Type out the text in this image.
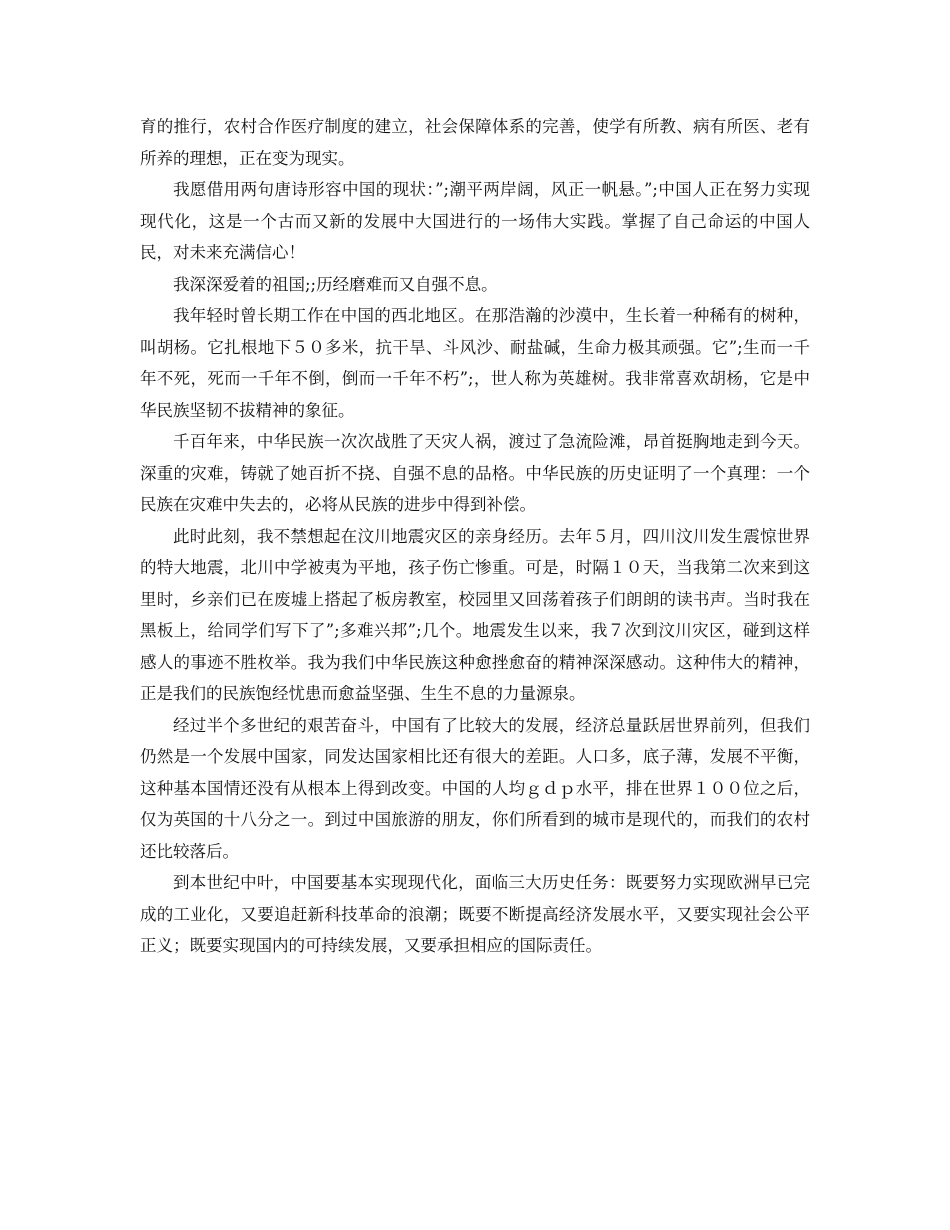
育的推行，农村合作医疗制度的建立，社会保障体系的完善，使学有所教、病有所医、老有所养的理想，正在变为现实。

我愿借用两句唐诗形容中国的现状：”;潮平两岸阔，风正一帆悬。”;中国人正在努力实现现代化，这是一个古而又新的发展中大国进行的一场伟大实践。掌握了自己命运的中国人民，对未来充满信心！

我深深爱着的祖国;;历经磨难而又自强不息。

我年轻时曾长期工作在中国的西北地区。在那浩瀚的沙漠中，生长着一种稀有的树种，叫胡杨。它扎根地下５０多米，抗干旱、斗风沙、耐盐碱，生命力极其顽强。它”;生而一千年不死，死而一千年不倒，倒而一千年不朽”;，世人称为英雄树。我非常喜欢胡杨，它是中华民族坚韧不拔精神的象征。

千百年来，中华民族一次次战胜了天灾人祸，渡过了急流险滩，昂首挺胸地走到今天。深重的灾难，铸就了她百折不挠、自强不息的品格。中华民族的历史证明了一个真理：一个民族在灾难中失去的，必将从民族的进步中得到补偿。

此时此刻，我不禁想起在汶川地震灾区的亲身经历。去年５月，四川汶川发生震惊世界的特大地震，北川中学被夷为平地，孩子伤亡惨重。可是，时隔１０天，当我第二次来到这里时，乡亲们已在废墟上搭起了板房教室，校园里又回荡着孩子们朗朗的读书声。当时我在黑板上，给同学们写下了”;多难兴邦”;几个。地震发生以来，我７次到汶川灾区，碰到这样感人的事迹不胜枚举。我为我们中华民族这种愈挫愈奋的精神深深感动。这种伟大的精神，正是我们的民族饱经忧患而愈益坚强、生生不息的力量源泉。

经过半个多世纪的艰苦奋斗，中国有了比较大的发展，经济总量跃居世界前列，但我们仍然是一个发展中国家，同发达国家相比还有很大的差距。人口多，底子薄，发展不平衡，这种基本国情还没有从根本上得到改变。中国的人均ｇｄｐ水平，排在世界１００位之后，仅为英国的十八分之一。到过中国旅游的朋友，你们所看到的城市是现代的，而我们的农村还比较落后。

到本世纪中叶，中国要基本实现现代化，面临三大历史任务：既要努力实现欧洲早已完成的工业化，又要追赶新科技革命的浪潮；既要不断提高经济发展水平，又要实现社会公平正义；既要实现国内的可持续发展，又要承担相应的国际责任。
